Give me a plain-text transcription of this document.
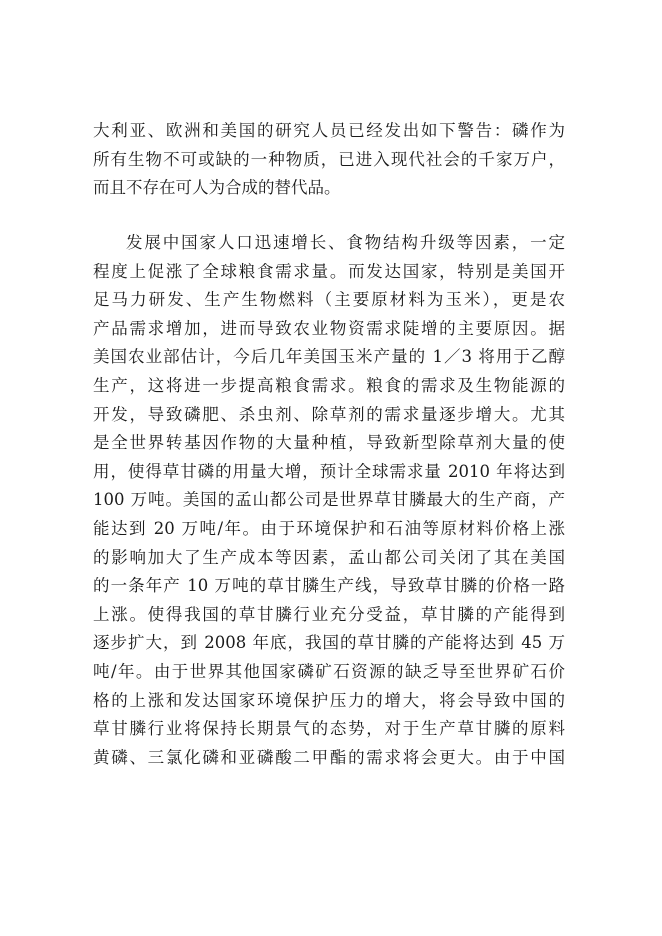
大利亚、欧洲和美国的研究人员已经发出如下警告：磷作为
所有生物不可或缺的一种物质，已进入现代社会的千家万户，
而且不存在可人为合成的替代品。
发展中国家人口迅速增长、食物结构升级等因素，一定
程度上促涨了全球粮食需求量。而发达国家，特别是美国开
足马力研发、生产生物燃料（主要原材料为玉米），更是农
产品需求增加，进而导致农业物资需求陡增的主要原因。据
美国农业部估计，今后几年美国玉米产量的 1／3 将用于乙醇
生产，这将进一步提高粮食需求。粮食的需求及生物能源的
开发，导致磷肥、杀虫剂、除草剂的需求量逐步增大。尤其
是全世界转基因作物的大量种植，导致新型除草剂大量的使
用，使得草甘磷的用量大增，预计全球需求量 2010 年将达到
100 万吨。美国的孟山都公司是世界草甘膦最大的生产商，产
能达到 20 万吨/年。由于环境保护和石油等原材料价格上涨
的影响加大了生产成本等因素，孟山都公司关闭了其在美国
的一条年产 10 万吨的草甘膦生产线，导致草甘膦的价格一路
上涨。使得我国的草甘膦行业充分受益，草甘膦的产能得到
逐步扩大，到 2008 年底，我国的草甘膦的产能将达到 45 万
吨/年。由于世界其他国家磷矿石资源的缺乏导至世界矿石价
格的上涨和发达国家环境保护压力的增大，将会导致中国的
草甘膦行业将保持长期景气的态势，对于生产草甘膦的原料
黄磷、三氯化磷和亚磷酸二甲酯的需求将会更大。由于中国
